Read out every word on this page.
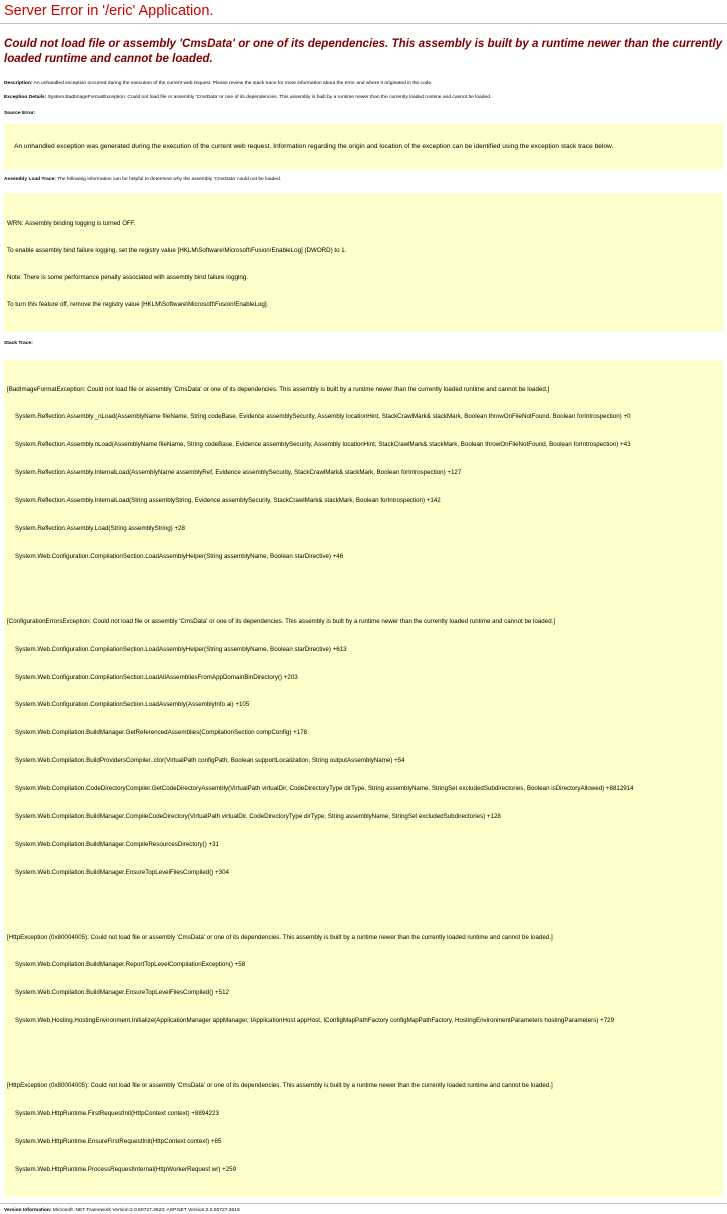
Server Error in '/eric' Application.
Could not load file or assembly 'CmsData' or one of its dependencies. This assembly is built by a runtime newer than the currently loaded runtime and cannot be loaded.

Description: An unhandled exception occurred during the execution of the current web request. Please review the stack trace for more information about the error and where it originated in the code.

Exception Details: System.BadImageFormatException: Could not load file or assembly 'CmsData' or one of its dependencies. This assembly is built by a runtime newer than the currently loaded runtime and cannot be loaded.

Source Error:

An unhandled exception was generated during the execution of the current web request. Information regarding the origin and location of the exception can be identified using the exception stack trace below.

Assembly Load Trace: The following information can be helpful to determine why the assembly 'CmsData' could not be loaded.

WRN: Assembly binding logging is turned OFF.

To enable assembly bind failure logging, set the registry value [HKLM\Software\Microsoft\Fusion!EnableLog] (DWORD) to 1.

Note: There is some performance penalty associated with assembly bind failure logging.

To turn this feature off, remove the registry value [HKLM\Software\Microsoft\Fusion!EnableLog].

Stack Trace:

[BadImageFormatException: Could not load file or assembly 'CmsData' or one of its dependencies. This assembly is built by a runtime newer than the currently loaded runtime and cannot be loaded.]

System.Reflection.Assembly._nLoad(AssemblyName fileName, String codeBase, Evidence assemblySecurity, Assembly locationHint, StackCrawlMark& stackMark, Boolean throwOnFileNotFound, Boolean forIntrospection) +0

System.Reflection.Assembly.nLoad(AssemblyName fileName, String codeBase, Evidence assemblySecurity, Assembly locationHint, StackCrawlMark& stackMark, Boolean throwOnFileNotFound, Boolean forIntrospection) +43

System.Reflection.Assembly.InternalLoad(AssemblyName assemblyRef, Evidence assemblySecurity, StackCrawlMark& stackMark, Boolean forIntrospection) +127

System.Reflection.Assembly.InternalLoad(String assemblyString, Evidence assemblySecurity, StackCrawlMark& stackMark, Boolean forIntrospection) +142

System.Reflection.Assembly.Load(String assemblyString) +28

System.Web.Configuration.CompilationSection.LoadAssemblyHelper(String assemblyName, Boolean starDirective) +46

[ConfigurationErrorsException: Could not load file or assembly 'CmsData' or one of its dependencies. This assembly is built by a runtime newer than the currently loaded runtime and cannot be loaded.]

System.Web.Configuration.CompilationSection.LoadAssemblyHelper(String assemblyName, Boolean starDirective) +613

System.Web.Configuration.CompilationSection.LoadAllAssembliesFromAppDomainBinDirectory() +203

System.Web.Configuration.CompilationSection.LoadAssembly(AssemblyInfo ai) +105

System.Web.Compilation.BuildManager.GetReferencedAssemblies(CompilationSection compConfig) +178

System.Web.Compilation.BuildProvidersCompiler..ctor(VirtualPath configPath, Boolean supportLocalization, String outputAssemblyName) +54

System.Web.Compilation.CodeDirectoryCompiler.GetCodeDirectoryAssembly(VirtualPath virtualDir, CodeDirectoryType dirType, String assemblyName, StringSet excludedSubdirectories, Boolean isDirectoryAllowed) +8812914

System.Web.Compilation.BuildManager.CompileCodeDirectory(VirtualPath virtualDir, CodeDirectoryType dirType, String assemblyName, StringSet excludedSubdirectories) +128

System.Web.Compilation.BuildManager.CompileResourcesDirectory() +31

System.Web.Compilation.BuildManager.EnsureTopLevelFilesCompiled() +304

[HttpException (0x80004005): Could not load file or assembly 'CmsData' or one of its dependencies. This assembly is built by a runtime newer than the currently loaded runtime and cannot be loaded.]

System.Web.Compilation.BuildManager.ReportTopLevelCompilationException() +58

System.Web.Compilation.BuildManager.EnsureTopLevelFilesCompiled() +512

System.Web.Hosting.HostingEnvironment.Initialize(ApplicationManager appManager, IApplicationHost appHost, IConfigMapPathFactory configMapPathFactory, HostingEnvironmentParameters hostingParameters) +729

[HttpException (0x80004005): Could not load file or assembly 'CmsData' or one of its dependencies. This assembly is built by a runtime newer than the currently loaded runtime and cannot be loaded.]

System.Web.HttpRuntime.FirstRequestInit(HttpContext context) +8894223

System.Web.HttpRuntime.EnsureFirstRequestInit(HttpContext context) +85

System.Web.HttpRuntime.ProcessRequestInternal(HttpWorkerRequest wr) +259

Version Information: Microsoft .NET Framework Version:2.0.50727.3623; ASP.NET Version:2.0.50727.3618
